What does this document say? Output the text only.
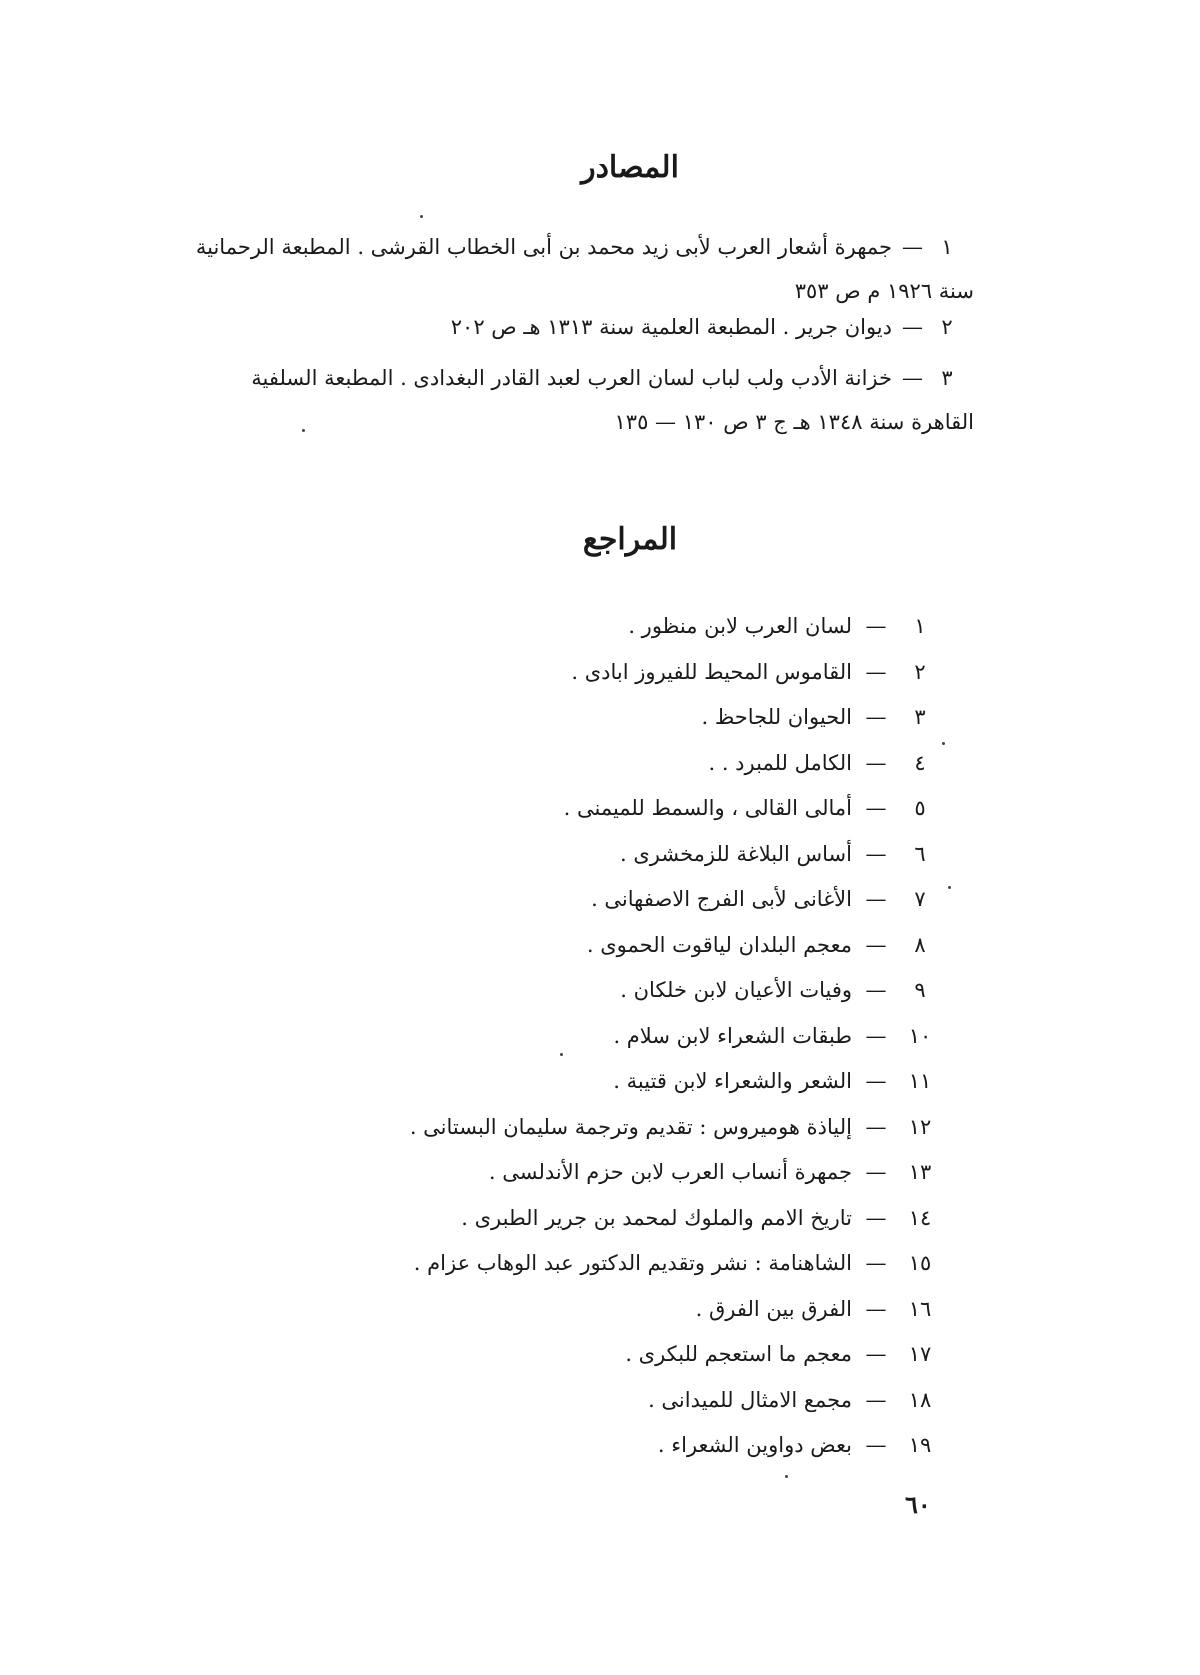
المصادر
١—جمهرة أشعار العرب لأبى زيد محمد بن أبى الخطاب القرشى . المطبعة الرحمانية
سنة ١٩٢٦ م ص ٣٥٣
٢—ديوان جرير . المطبعة العلمية سنة ١٣١٣ هـ ص ٢٠٢
٣—خزانة الأدب ولب لباب لسان العرب لعبد القادر البغدادى . المطبعة السلفية
القاهرة سنة ١٣٤٨ هـ ج ٣ ص ١٣٠ — ١٣٥
المراجع
١—لسان العرب لابن منظور .
٢—القاموس المحيط للفيروز ابادى .
٣—الحيوان للجاحظ .
٤—الكامل للمبرد . .
٥—أمالى القالى ، والسمط للميمنى .
٦—أساس البلاغة للزمخشرى .
٧—الأغانى لأبى الفرج الاصفهانى .
٨—معجم البلدان لياقوت الحموى .
٩—وفيات الأعيان لابن خلكان .
١٠—طبقات الشعراء لابن سلام .
١١—الشعر والشعراء لابن قتيبة .
١٢—إلياذة هوميروس : تقديم وترجمة سليمان البستانى .
١٣—جمهرة أنساب العرب لابن حزم الأندلسى .
١٤—تاريخ الامم والملوك لمحمد بن جرير الطبرى .
١٥—الشاهنامة : نشر وتقديم الدكتور عبد الوهاب عزام .
١٦—الفرق بين الفرق .
١٧—معجم ما استعجم للبكرى .
١٨—مجمع الامثال للميدانى .
١٩—بعض دواوين الشعراء .
٦٠
